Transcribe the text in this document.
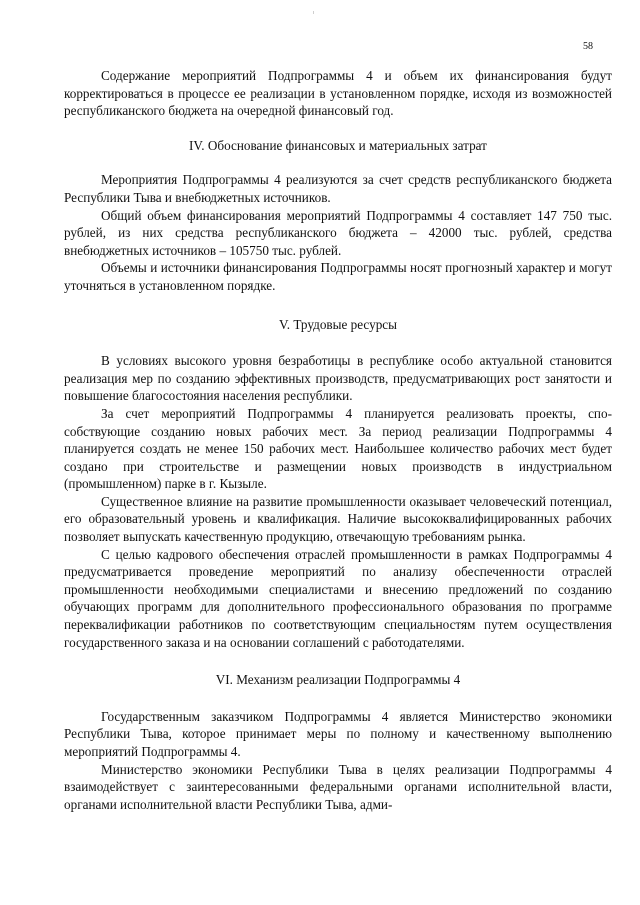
58

Содержание мероприятий Подпрограммы 4 и объем их финансирования будут корректироваться в процессе ее реализации в установленном порядке, исходя из возможностей республиканского бюджета на очередной финансовый год.

IV. Обоснование финансовых и материальных затрат

Мероприятия Подпрограммы 4 реализуются за счет средств республиканского бюджета Республики Тыва и внебюджетных источников.

Общий объем финансирования мероприятий Подпрограммы 4 составляет 147 750 тыс. рублей, из них средства республиканского бюджета – 42000 тыс. рублей, средства внебюджетных источников – 105750 тыс. рублей.

Объемы и источники финансирования Подпрограммы носят прогнозный характер и могут уточняться в установленном порядке.

V. Трудовые ресурсы

В условиях высокого уровня безработицы в республике особо актуальной становится реализация мер по созданию эффективных производств, предусматривающих рост занятости и повышение благосостояния населения республики.

За счет мероприятий Подпрограммы 4 планируется реализовать проекты, способствующие созданию новых рабочих мест. За период реализации Подпрограммы 4 планируется создать не менее 150 рабочих мест. Наибольшее количество рабочих мест будет создано при строительстве и размещении новых производств в индустриальном (промышленном) парке в г. Кызыле.

Существенное влияние на развитие промышленности оказывает человеческий потенциал, его образовательный уровень и квалификация. Наличие высококвалифицированных рабочих позволяет выпускать качественную продукцию, отвечающую требованиям рынка.

С целью кадрового обеспечения отраслей промышленности в рамках Подпрограммы 4 предусматривается проведение мероприятий по анализу обеспеченности отраслей промышленности необходимыми специалистами и внесению предложений по созданию обучающих программ для дополнительного профессионального образования по программе переквалификации работников по соответствующим специальностям путем осуществления государственного заказа и на основании соглашений с работодателями.

VI. Механизм реализации Подпрограммы 4

Государственным заказчиком Подпрограммы 4 является Министерство экономики Республики Тыва, которое принимает меры по полному и качественному выполнению мероприятий Подпрограммы 4.

Министерство экономики Республики Тыва в целях реализации Подпрограммы 4 взаимодействует с заинтересованными федеральными органами исполнительной власти, органами исполнительной власти Республики Тыва, адми-
